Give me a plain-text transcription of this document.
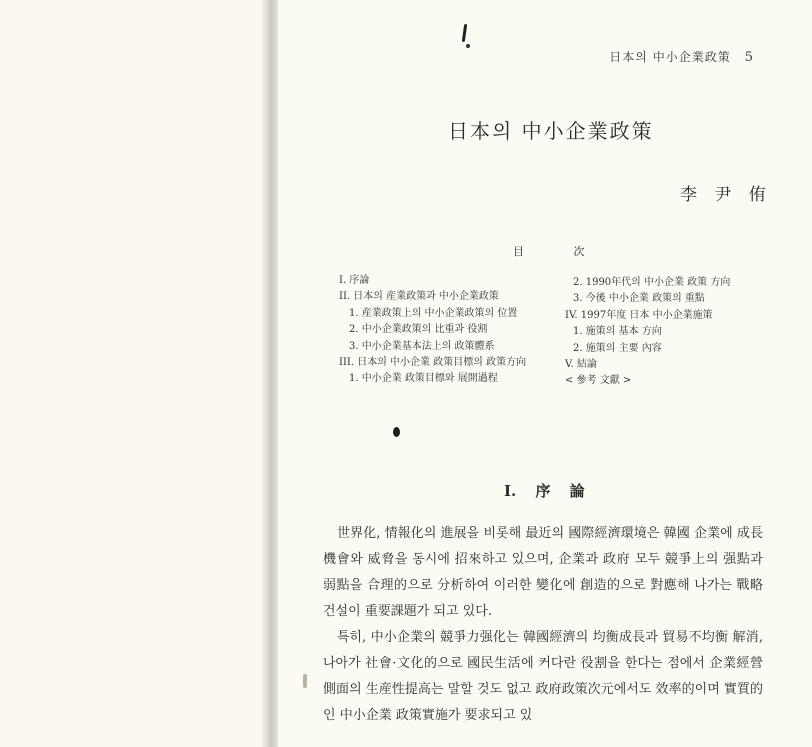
日本의 中小企業政策 5
日本의 中小企業政策
李 尹 侑
目 次
I. 序論
II. 日本의 産業政策과 中小企業政策
1. 産業政策上의 中小企業政策의 位置
2. 中小企業政策의 比重과 役割
3. 中小企業基本法上의 政策體系
III. 日本의 中小企業 政策目標의 政策方向
1. 中小企業 政策目標와 展開過程
2. 1990年代의 中小企業 政策 方向
3. 今後 中小企業 政策의 重點
IV. 1997年度 日本 中小企業施策
1. 施策의 基本 方向
2. 施策의 主要 內容
V. 結論
< 參考 文獻 >
I. 序 論

世界化, 情報化의 進展을 비롯해 最近의 國際經濟環境은 韓國 企業에 成長機會와 威脅을 동시에 招來하고 있으며, 企業과 政府 모두 競爭上의 强點과 弱點을 合理的으로 分析하여 이러한 變化에 創造的으로 對應해 나가는 戰略 건설이 重要課題가 되고 있다.

특히, 中小企業의 競爭力强化는 韓國經濟의 均衡成長과 貿易不均衡 解消, 나아가 社會·文化的으로 國民生活에 커다란 役割을 한다는 점에서 企業經營側面의 生産性提高는 말할 것도 없고 政府政策次元에서도 效率的이며 實質的인 中小企業 政策實施가 要求되고 있
